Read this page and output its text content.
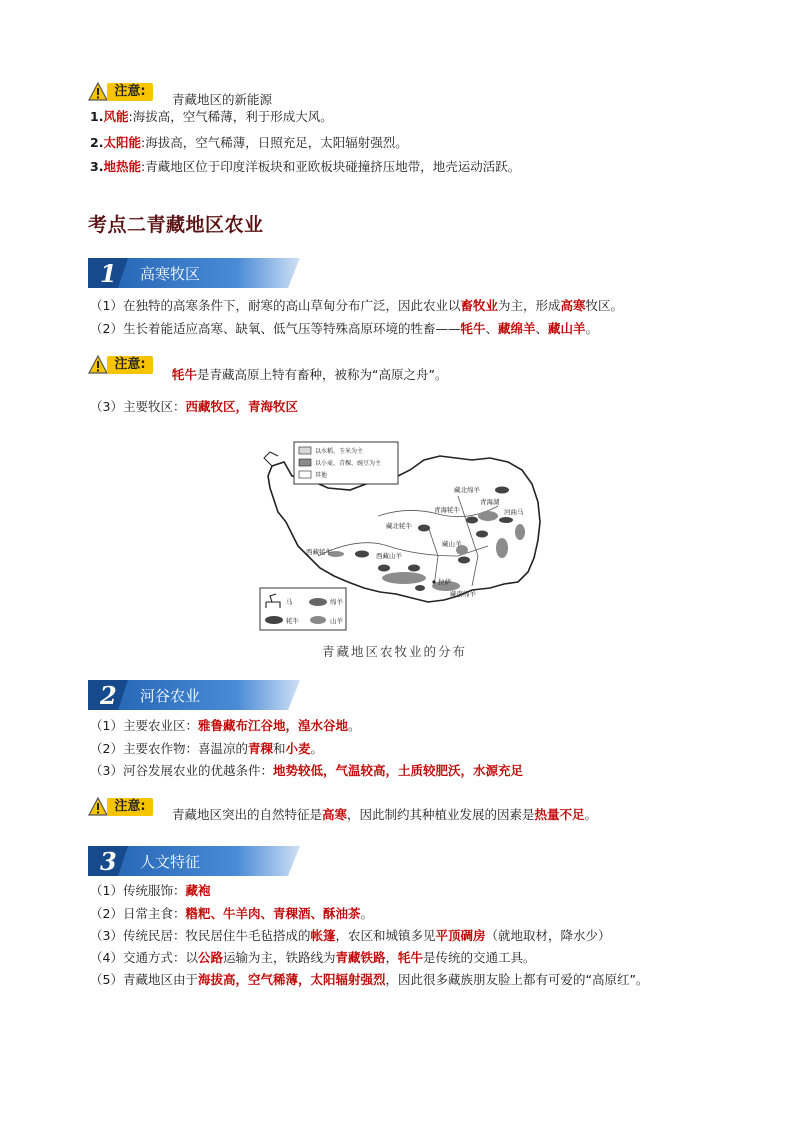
注意:
青藏地区的新能源
1.风能:海拔高，空气稀薄，利于形成大风。
2.太阳能:海拔高，空气稀薄，日照充足，太阳辐射强烈。
3.地热能:青藏地区位于印度洋板块和亚欧板块碰撞挤压地带，地壳运动活跃。
考点二青藏地区农业
1 高寒牧区
（1）在独特的高寒条件下，耐寒的高山草甸分布广泛，因此农业以畜牧业为主，形成高寒牧区。
（2）生长着能适应高寒、缺氧、低气压等特殊高原环境的牲畜——牦牛、藏绵羊、藏山羊。
注意:
牦牛是青藏高原上特有畜种，被称为“高原之舟”。
（3）主要牧区：西藏牧区，青海牧区
以水稻、玉米为主
以小麦、青稞、豌豆为主
其他
藏北绵羊
青海湖
青海牦牛	河曲马
藏北牦牛
西藏牦牛	西藏山羊
藏山羊
拉萨
藏南绵羊
马	绵羊
牦牛	山羊
青藏地区农牧业的分布
2 河谷农业
（1）主要农业区：雅鲁藏布江谷地，湟水谷地。
（2）主要农作物：喜温凉的青稞和小麦。
（3）河谷发展农业的优越条件：地势较低，气温较高，土质较肥沃，水源充足
注意:
青藏地区突出的自然特征是高寒，因此制约其种植业发展的因素是热量不足。
3 人文特征
（1）传统服饰：藏袍
（2）日常主食：糌粑、牛羊肉、青稞酒、酥油茶。
（3）传统民居：牧民居住牛毛毡搭成的帐篷，农区和城镇多见平顶碉房（就地取材，降水少）
（4）交通方式：以公路运输为主，铁路线为青藏铁路，牦牛是传统的交通工具。
（5）青藏地区由于海拔高，空气稀薄，太阳辐射强烈，因此很多藏族朋友脸上都有可爱的“高原红”。
